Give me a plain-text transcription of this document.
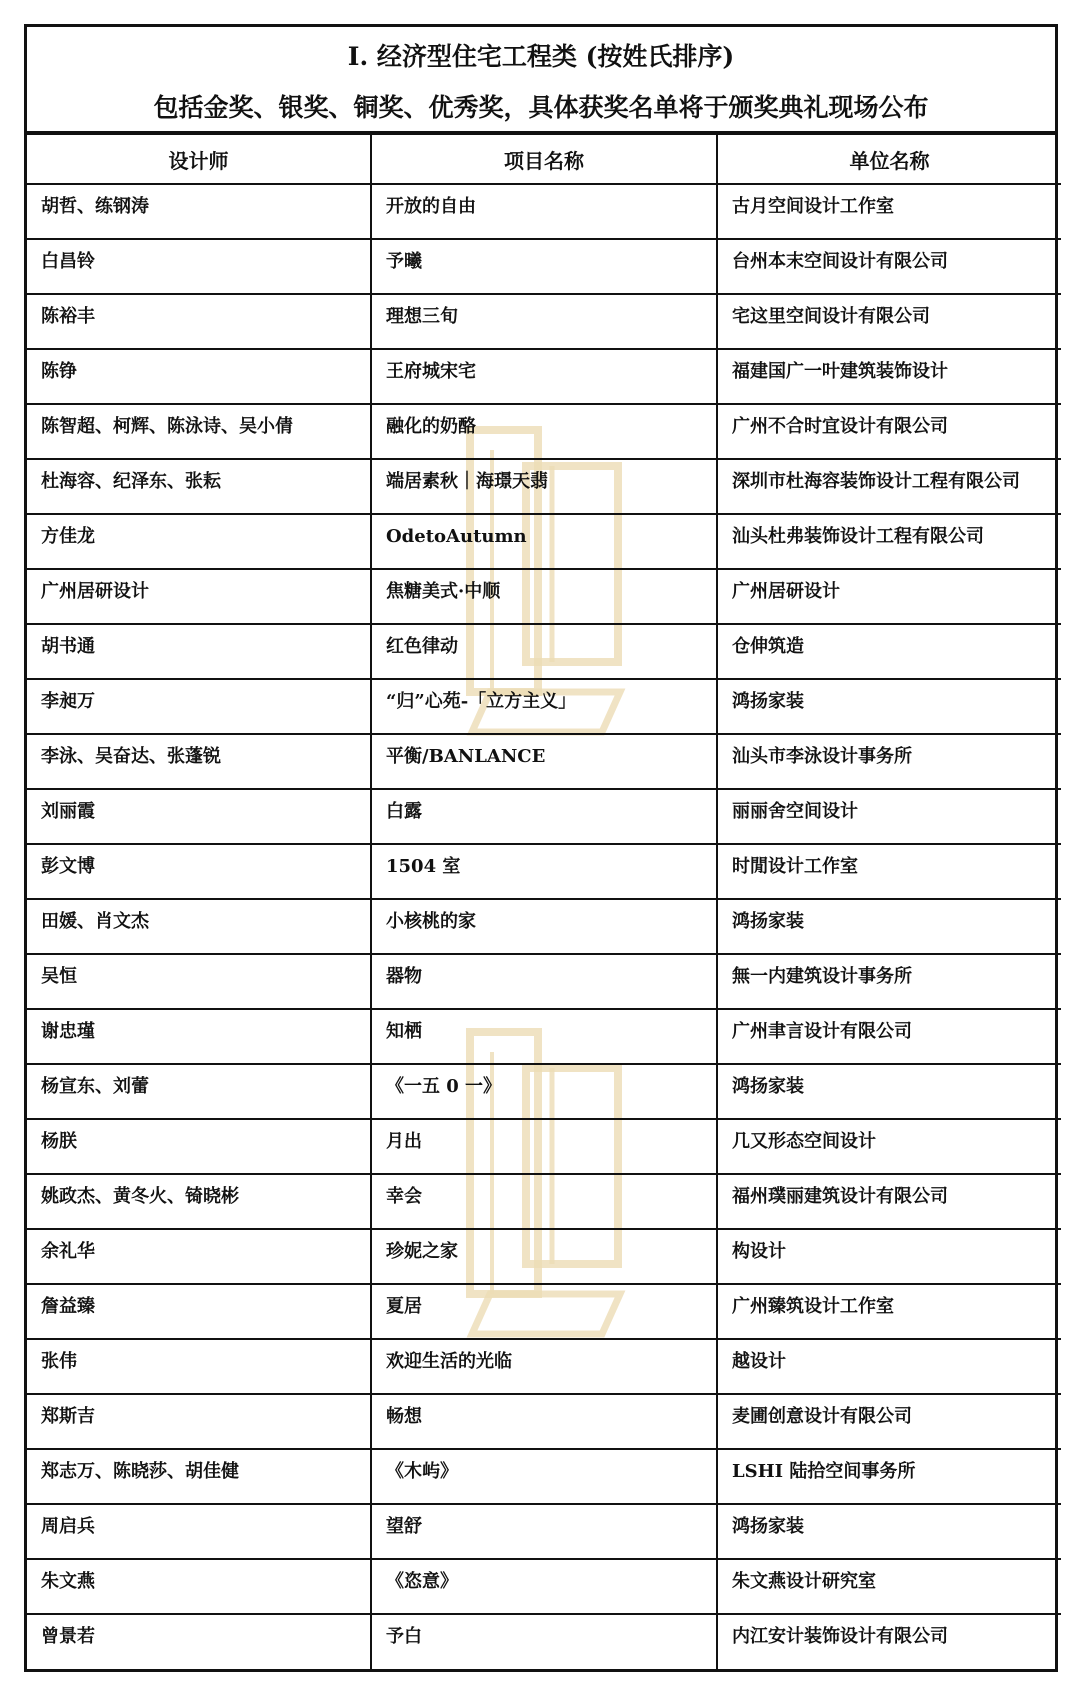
I. 经济型住宅工程类 (按姓氏排序)
包括金奖、银奖、铜奖、优秀奖，具体获奖名单将于颁奖典礼现场公布
设计师	项目名称	单位名称
胡哲、练钢涛	开放的自由	古月空间设计工作室
白昌铃	予曦	台州本末空间设计有限公司
陈裕丰	理想三旬	宅这里空间设计有限公司
陈铮	王府城宋宅	福建国广一叶建筑装饰设计
陈智超、柯辉、陈泳诗、吴小倩	融化的奶酪	广州不合时宜设计有限公司
杜海容、纪泽东、张耘	端居素秋｜海璟天翡	深圳市杜海容装饰设计工程有限公司
方佳龙	OdetoAutumn	汕头杜弗装饰设计工程有限公司
广州居研设计	焦糖美式·中顺	广州居研设计
胡书通	红色律动	仓伸筑造
李昶万	“归”心苑-「立方主义」	鸿扬家装
李泳、吴奋达、张蓬锐	平衡/BANLANCE	汕头市李泳设计事务所
刘丽霞	白露	丽丽舍空间设计
彭文博	1504 室	时閒设计工作室
田媛、肖文杰	小核桃的家	鸿扬家装
吴恒	器物	無一内建筑设计事务所
谢忠瑾	知栖	广州聿言设计有限公司
杨宣东、刘蕾	《一五 0 一》	鸿扬家装
杨朕	月出	几又形态空间设计
姚政杰、黄冬火、锜晓彬	幸会	福州璞丽建筑设计有限公司
余礼华	珍妮之家	构设计
詹益臻	夏居	广州臻筑设计工作室
张伟	欢迎生活的光临	越设计
郑斯吉	畅想	麦圃创意设计有限公司
郑志万、陈晓莎、胡佳健	《木屿》	LSHI 陆拾空间事务所
周启兵	望舒	鸿扬家装
朱文燕	《恣意》	朱文燕设计研究室
曾景若	予白	内江安计装饰设计有限公司
